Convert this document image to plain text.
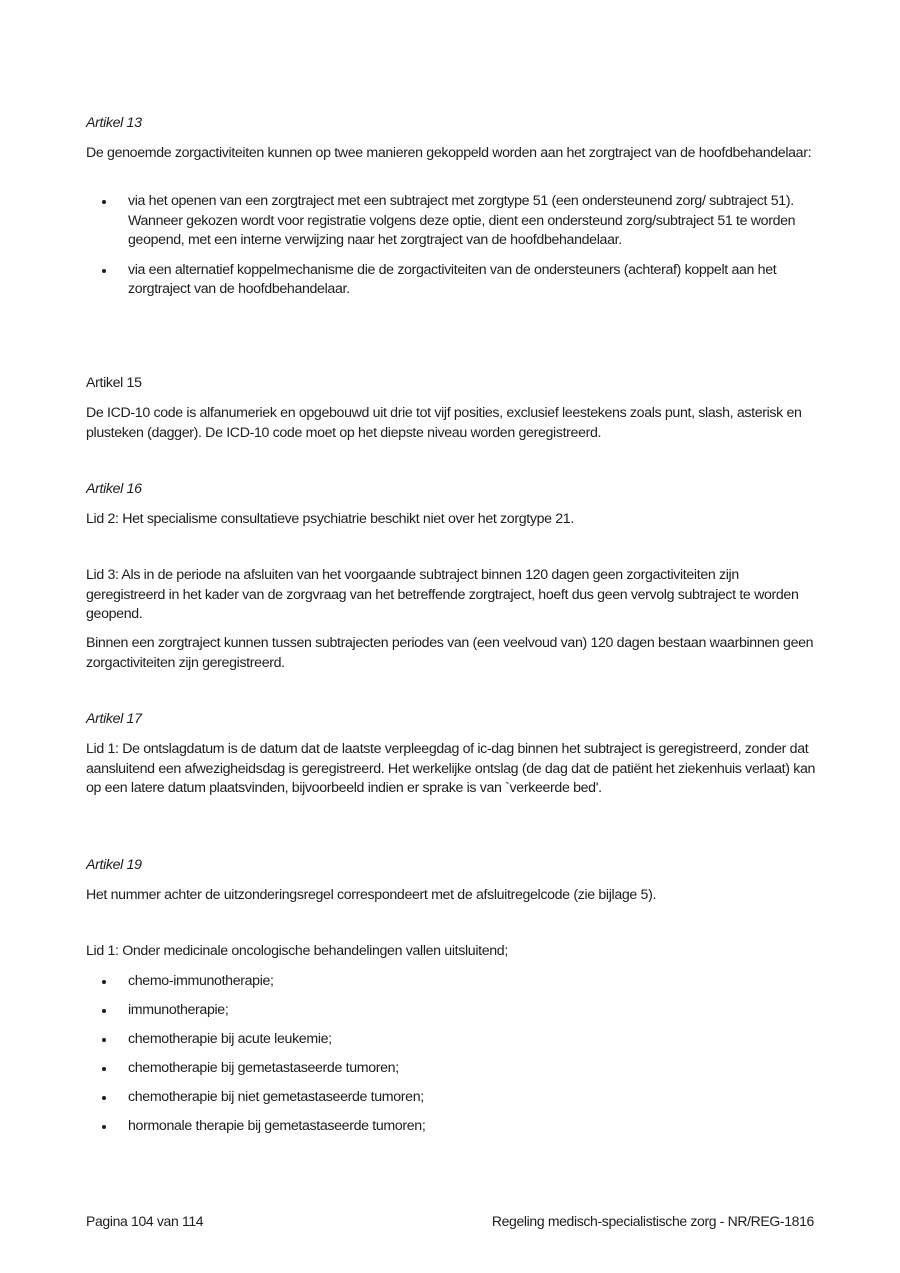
Artikel 13

De genoemde zorgactiviteiten kunnen op twee manieren gekoppeld worden aan het zorgtraject van de hoofdbehandelaar:

via het openen van een zorgtraject met een subtraject met zorgtype 51 (een ondersteunend zorg/ subtraject 51). Wanneer gekozen wordt voor registratie volgens deze optie, dient een ondersteund zorg/subtraject 51 te worden geopend, met een interne verwijzing naar het zorgtraject van de hoofdbehandelaar.
via een alternatief koppelmechanisme die de zorgactiviteiten van de ondersteuners (achteraf) koppelt aan het zorgtraject van de hoofdbehandelaar.

Artikel 15

De ICD-10 code is alfanumeriek en opgebouwd uit drie tot vijf posities, exclusief leestekens zoals punt, slash, asterisk en plusteken (dagger). De ICD-10 code moet op het diepste niveau worden geregistreerd.

Artikel 16

Lid 2: Het specialisme consultatieve psychiatrie beschikt niet over het zorgtype 21.

Lid 3: Als in de periode na afsluiten van het voorgaande subtraject binnen 120 dagen geen zorgactiviteiten zijn geregistreerd in het kader van de zorgvraag van het betreffende zorgtraject, hoeft dus geen vervolg subtraject te worden geopend.

Binnen een zorgtraject kunnen tussen subtrajecten periodes van (een veelvoud van) 120 dagen bestaan waarbinnen geen zorgactiviteiten zijn geregistreerd.

Artikel 17

Lid 1: De ontslagdatum is de datum dat de laatste verpleegdag of ic-dag binnen het subtraject is geregistreerd, zonder dat aansluitend een afwezigheidsdag is geregistreerd. Het werkelijke ontslag (de dag dat de patiënt het ziekenhuis verlaat) kan op een latere datum plaatsvinden, bijvoorbeeld indien er sprake is van `verkeerde bed'.

Artikel 19

Het nummer achter de uitzonderingsregel correspondeert met de afsluitregelcode (zie bijlage 5).

Lid 1: Onder medicinale oncologische behandelingen vallen uitsluitend;

chemo-immunotherapie;
immunotherapie;
chemotherapie bij acute leukemie;
chemotherapie bij gemetastaseerde tumoren;
chemotherapie bij niet gemetastaseerde tumoren;
hormonale therapie bij gemetastaseerde tumoren;
Pagina 104 van 114	Regeling medisch-specialistische zorg - NR/REG-1816
